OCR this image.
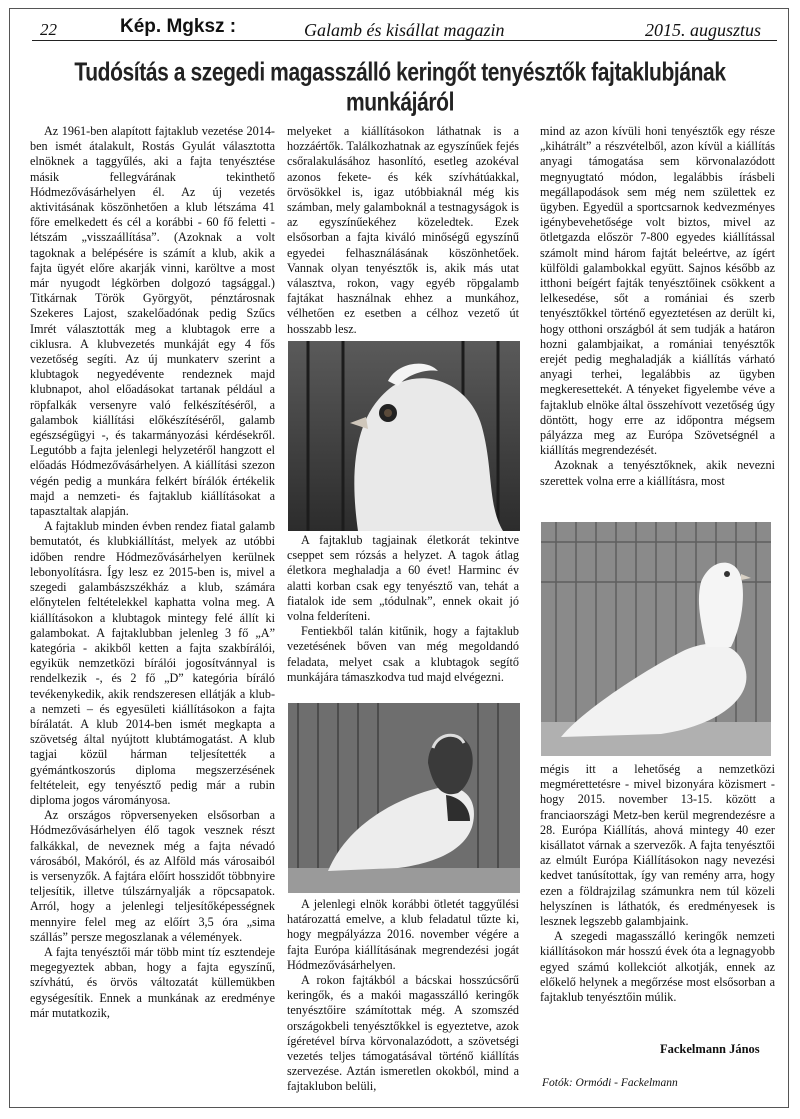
22	Kép. Mgksz :	Galamb és kisállat magazin	2015. augusztus
Tudósítás a szegedi magasszálló keringőt tenyésztők fajtaklubjának munkájáról

Az 1961-ben alapított fajtaklub vezetése 2014-ben ismét átalakult, Rostás Gyulát választotta elnöknek a taggyűlés, aki a fajta tenyésztése másik fellegvárának tekinthető Hódmezővásárhelyen él. Az új vezetés aktivitásának köszönhetően a klub létszáma 41 főre emelkedett és cél a korábbi - 60 fő feletti - létszám „visszaállítása”. (Azoknak a volt tagoknak a belépésére is számít a klub, akik a fajta ügyét előre akarják vinni, karöltve a most már nyugodt légkörben dolgozó tagsággal.) Titkárnak Török Györgyöt, pénztárosnak Szekeres Lajost, szakelőadónak pedig Szűcs Imrét választották meg a klubtagok erre a ciklusra. A klubvezetés munkáját egy 4 fős vezetőség segíti. Az új munkaterv szerint a klubtagok negyedévente rendeznek majd klubnapot, ahol előadásokat tartanak például a röpfalkák versenyre való felkészítéséről, a galambok kiállítási előkészítéséről, galamb egészségügyi -, és takarmányozási kérdésekről. Legutóbb a fajta jelenlegi helyzetéről hangzott el előadás Hódmezővásárhelyen. A kiállítási szezon végén pedig a munkára felkért bírálók értékelik majd a nemzeti- és fajtaklub kiállításokat a tapasztaltak alapján.

A fajtaklub minden évben rendez fiatal galamb bemutatót, és klubkiállítást, melyek az utóbbi időben rendre Hódmezővásárhelyen kerülnek lebonyolításra. Így lesz ez 2015-ben is, mivel a szegedi galambászszékház a klub, számára előnytelen feltételekkel kaphatta volna meg. A kiállításokon a klubtagok mintegy felé állít ki galambokat. A fajtaklubban jelenleg 3 fő „A” kategória - akikből ketten a fajta szakbírálói, egyikük nemzetközi bírálói jogosítvánnyal is rendelkezik -, és 2 fő „D” kategória bíráló tevékenykedik, akik rendszeresen ellátják a klub- a nemzeti – és egyesületi kiállításokon a fajta bírálatát. A klub 2014-ben ismét megkapta a szövetség által nyújtott klubtámogatást. A klub tagjai közül hárman teljesítették a gyémántkoszorús diploma megszerzésének feltételeit, egy tenyésztő pedig már a rubin diploma jogos várományosa.

Az országos röpversenyeken elsősorban a Hódmezővásárhelyen élő tagok vesznek részt falkákkal, de neveznek még a fajta névadó városából, Makóról, és az Alföld más városaiból is versenyzők. A fajtára előírt hosszidőt többnyire teljesítik, illetve túlszárnyalják a röpcsapatok. Arról, hogy a jelenlegi teljesítőképességnek mennyire felel meg az előírt 3,5 óra „sima szállás” persze megoszlanak a vélemények.

A fajta tenyésztői már több mint tíz esztendeje megegyeztek abban, hogy a fajta egyszínű, szívhátú, és örvös változatát küllemükben egységesítik. Ennek a munkának az eredménye már mutatkozik,

melyeket a kiállításokon láthatnak is a hozzáértők. Találkozhatnak az egyszínűek fejés csőralakulásához hasonlító, esetleg azokéval azonos fekete- és kék szívhátúakkal, örvösökkel is, igaz utóbbiaknál még kis számban, mely galamboknál a testnagyságok is az egyszínűekéhez közeledtek. Ezek elsősorban a fajta kiváló minőségű egyszínű egyedei felhasználásának köszönhetőek. Vannak olyan tenyésztők is, akik más utat választva, rokon, vagy egyéb röpgalamb fajtákat használnak ehhez a munkához, vélhetően ez esetben a célhoz vezető út hosszabb lesz.

A fajtaklub tagjainak életkorát tekintve cseppet sem rózsás a helyzet. A tagok átlag életkora meghaladja a 60 évet! Harminc év alatti korban csak egy tenyésztő van, tehát a fiatalok ide sem „tódulnak”, ennek okait jó volna felderíteni.

Fentiekből talán kitűnik, hogy a fajtaklub vezetésének bőven van még megoldandó feladata, melyet csak a klubtagok segítő munkájára támaszkodva tud majd elvégezni.

A jelenlegi elnök korábbi ötletét taggyűlési határozattá emelve, a klub feladatul tűzte ki, hogy megpályázza 2016. november végére a fajta Európa kiállításának megrendezési jogát Hódmezővásárhelyen.

A rokon fajtákból a bácskai hosszúcsőrű keringők, és a makói magasszálló keringők tenyésztőire számítottak még. A szomszéd országokbeli tenyésztőkkel is egyeztetve, azok ígéretével bírva körvonalazódott, a szövetségi vezetés teljes támogatásával történő kiállítás szervezése. Aztán ismeretlen okokból, mind a fajtaklubon belüli,

mind az azon kívüli honi tenyésztők egy része „kihátrált” a részvételből, azon kívül a kiállítás anyagi támogatása sem körvonalazódott megnyugtató módon, legalábbis írásbeli megállapodások sem még nem születtek ez ügyben. Egyedül a sportcsarnok kedvezményes igénybevehetősége volt biztos, mivel az ötletgazda először 7-800 egyedes kiállítással számolt mind három fajtát beleértve, az ígért külföldi galambokkal együtt. Sajnos később az itthoni beígért fajták tenyésztőinek csökkent a lelkesedése, sőt a romániai és szerb tenyésztőkkel történő egyeztetésen az derült ki, hogy otthoni országból át sem tudják a határon hozni galambjaikat, a romániai tenyésztők erejét pedig meghaladják a kiállítás várható anyagi terhei, legalábbis az ügyben megkeresettekét. A tényeket figyelembe véve a fajtaklub elnöke által összehívott vezetőség úgy döntött, hogy erre az időpontra mégsem pályázza meg az Európa Szövetségnél a kiállítás megrendezését.

Azoknak a tenyésztőknek, akik nevezni szerettek volna erre a kiállításra, most

mégis itt a lehetőség a nemzetközi megmérettetésre - mivel bizonyára közismert - hogy 2015. november 13-15. között a franciaországi Metz-ben kerül megrendezésre a 28. Európa Kiállítás, ahová mintegy 40 ezer kisállatot várnak a szervezők. A fajta tenyésztői az elmúlt Európa Kiállításokon nagy nevezési kedvet tanúsítottak, így van remény arra, hogy ezen a földrajzilag számunkra nem túl közeli helyszínen is láthatók, és eredményesek is lesznek legszebb galambjaink.

A szegedi magasszálló keringők nemzeti kiállításokon már hosszú évek óta a legnagyobb egyed számú kollekciót alkotják, ennek az előkelő helynek a megőrzése most elsősorban a fajtaklub tenyésztőin múlik.

Fackelmann János
Fotók: Ormódi - Fackelmann
